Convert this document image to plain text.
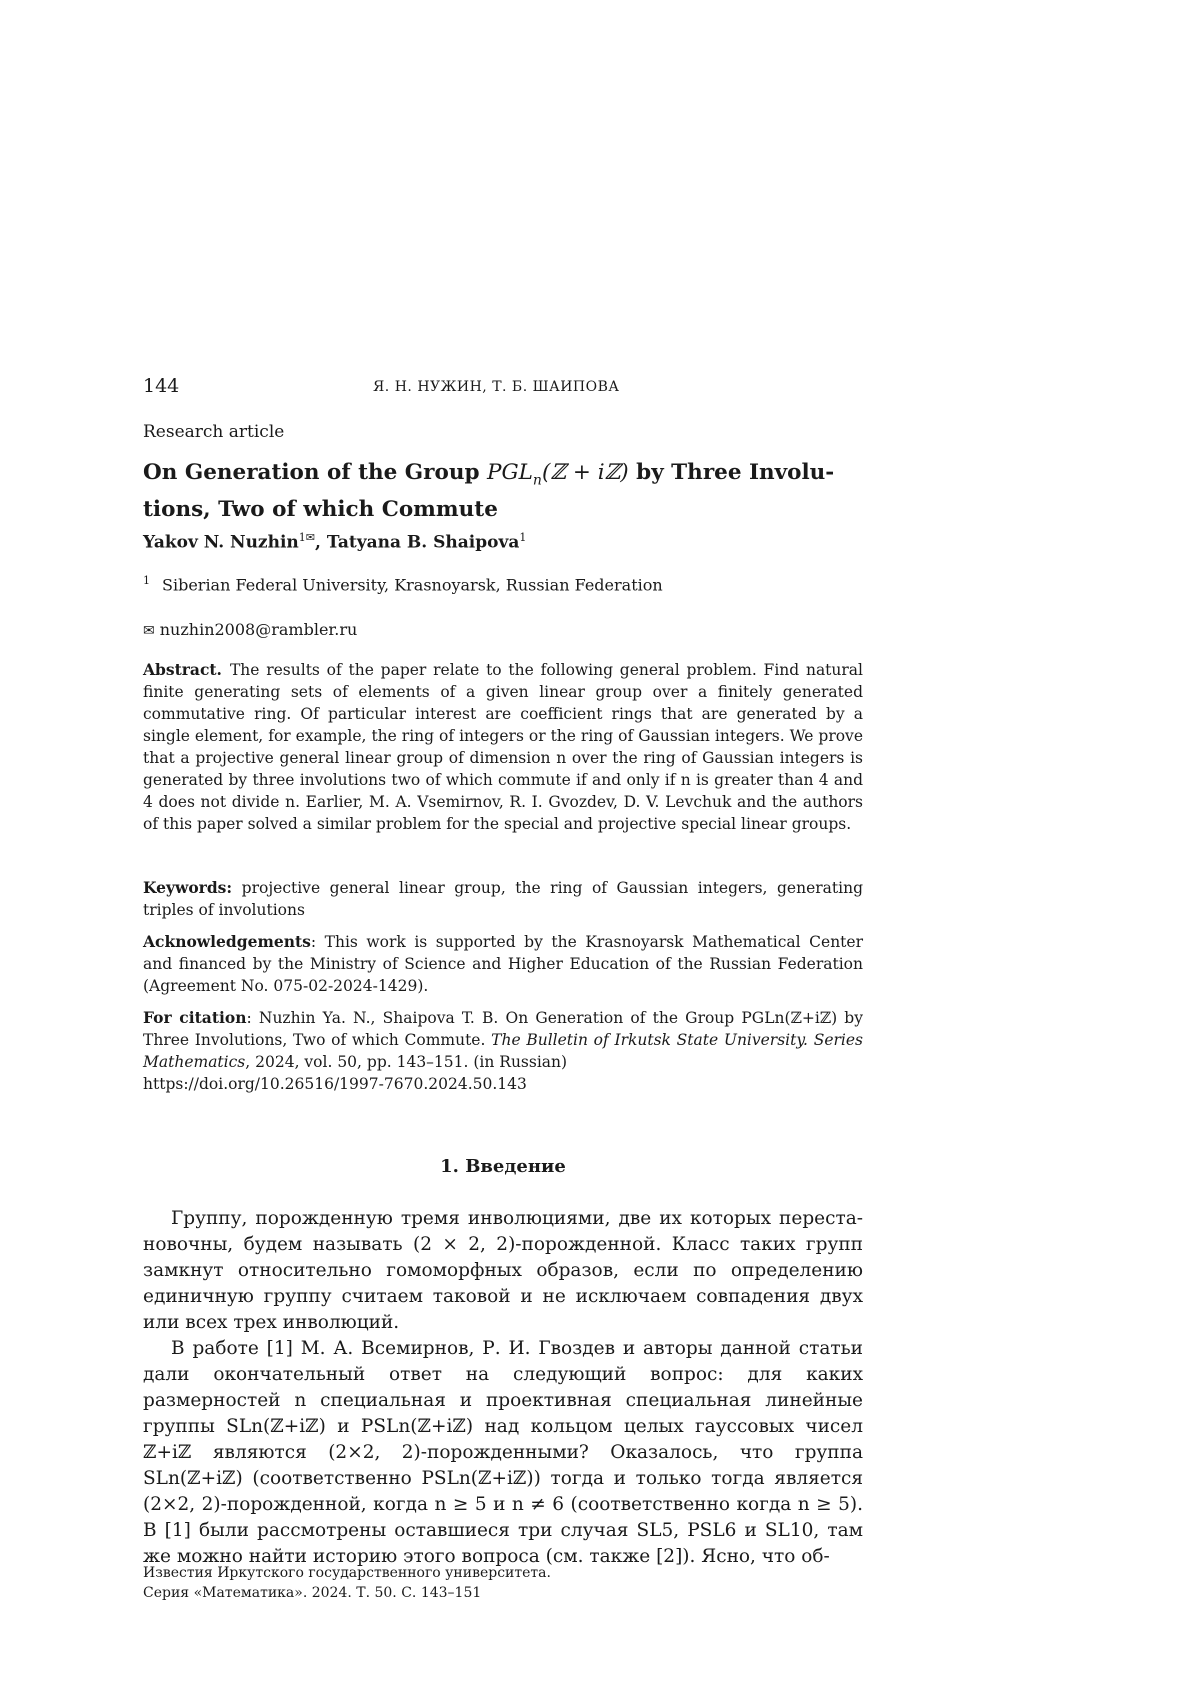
144	Я. Н. НУЖИН, Т. Б. ШАИПОВА
Research article
On Generation of the Group $PGL_n(ℤ$ + iℤ) by Three Involu-tions, Two of which Commute
Yakov N. Nuzhin$^{1✉}$, Tatyana B. Shaipova$^1$
$^1$ Siberian Federal University, Krasnoyarsk, Russian Federation
✉ nuzhin2008@rambler.ru
Abstract. The results of the paper relate to the following general problem. Find natural finite generating sets of elements of a given linear group over a finitely generated commutative ring. Of particular interest are coefficient rings that are generated by a single element, for example, the ring of integers or the ring of Gaussian integers. We prove that a projective general linear group of dimension n over the ring of Gaussian integers is generated by three involutions two of which commute if and only if n is greater than 4 and 4 does not divide n. Earlier, M. A. Vsemirnov, R. I. Gvozdev, D. V. Levchuk and the authors of this paper solved a similar problem for the special and projective special linear groups.
Keywords: projective general linear group, the ring of Gaussian integers, generating triples of involutions
Acknowledgements: This work is supported by the Krasnoyarsk Mathematical Center and financed by the Ministry of Science and Higher Education of the Russian Federation (Agreement No. 075-02-2024-1429).
For citation: Nuzhin Ya. N., Shaipova T. B. On Generation of the Group PGLn(ℤ+iℤ) by Three Involutions, Two of which Commute. The Bulletin of Irkutsk State University. Series Mathematics, 2024, vol. 50, pp. 143–151. (in Russian)
https://doi.org/10.26516/1997-7670.2024.50.143
1. Введение
Группу, порожденную тремя инволюциями, две их которых переста-новочны, будем называть (2 × 2, 2)-порожденной. Класс таких групп замкнут относительно гомоморфных образов, если по определению единичную группу считаем таковой и не исключаем совпадения двух или всех трех инволюций.
В работе [1] М. А. Всемирнов, Р. И. Гвоздев и авторы данной статьи дали окончательный ответ на следующий вопрос: для каких размерностей n специальная и проективная специальная линейные группы SLn(ℤ+iℤ) и PSLn(ℤ+iℤ) над кольцом целых гауссовых чисел ℤ+iℤ являются (2×2, 2)-порожденными? Оказалось, что группа SLn(ℤ+iℤ) (соответственно PSLn(ℤ+iℤ)) тогда и только тогда является (2×2, 2)-порожденной, когда n ≥ 5 и n ≠ 6 (соответственно когда n ≥ 5). В [1] были рассмотрены оставшиеся три случая SL5, PSL6 и SL10, там же можно найти историю этого вопроса (см. также [2]). Ясно, что об-
Известия Иркутского государственного университета.
Серия «Математика». 2024. Т. 50. С. 143–151
